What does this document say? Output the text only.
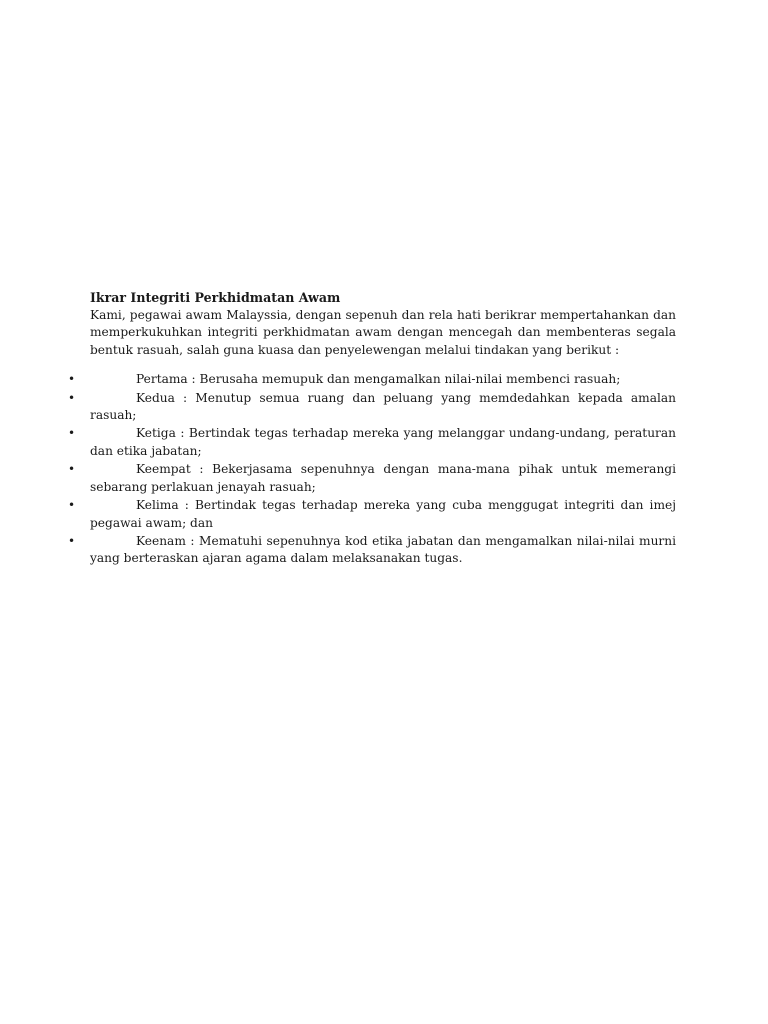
Ikrar Integriti Perkhidmatan Awam

Kami, pegawai awam Malayssia, dengan sepenuh dan rela hati berikrar mempertahankan dan memperkukuhkan integriti perkhidmatan awam dengan mencegah dan membenteras segala bentuk rasuah, salah guna kuasa dan penyelewengan melalui tindakan yang berikut :

•	Pertama : Berusaha memupuk dan mengamalkan nilai-nilai membenci rasuah;
•	Kedua : Menutup semua ruang dan peluang yang memdedahkan kepada amalan rasuah;
•	Ketiga : Bertindak tegas terhadap mereka yang melanggar undang-undang, peraturan dan etika jabatan;
•	Keempat : Bekerjasama sepenuhnya dengan mana-mana pihak untuk memerangi sebarang perlakuan jenayah rasuah;
•	Kelima : Bertindak tegas terhadap mereka yang cuba menggugat integriti dan imej pegawai awam; dan
•	Keenam : Mematuhi sepenuhnya kod etika jabatan dan mengamalkan nilai-nilai murni yang berteraskan ajaran agama dalam melaksanakan tugas.
